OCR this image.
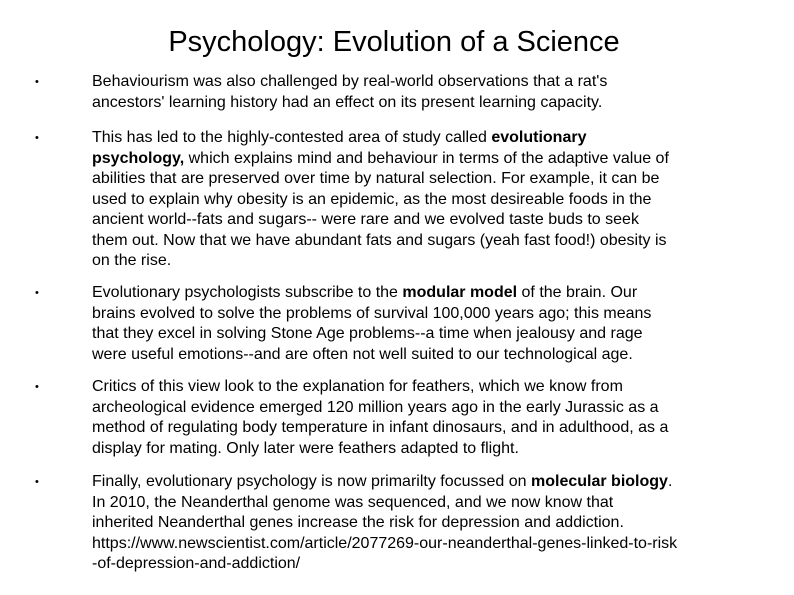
Psychology: Evolution of a Science
•	Behaviourism was also challenged by real-world observations that a rat's
ancestors' learning history had an effect on its present learning capacity.
•	This has led to the highly-contested area of study called evolutionary
psychology, which explains mind and behaviour in terms of the adaptive value of
abilities that are preserved over time by natural selection. For example, it can be
used to explain why obesity is an epidemic, as the most desireable foods in the
ancient world--fats and sugars-- were rare and we evolved taste buds to seek
them out. Now that we have abundant fats and sugars (yeah fast food!) obesity is
on the rise.
•	Evolutionary psychologists subscribe to the modular model of the brain. Our
brains evolved to solve the problems of survival 100,000 years ago; this means
that they excel in solving Stone Age problems--a time when jealousy and rage
were useful emotions--and are often not well suited to our technological age.
•	Critics of this view look to the explanation for feathers, which we know from
archeological evidence emerged 120 million years ago in the early Jurassic as a
method of regulating body temperature in infant dinosaurs, and in adulthood, as a
display for mating. Only later were feathers adapted to flight.
•	Finally, evolutionary psychology is now primarilty focussed on molecular biology.
In 2010, the Neanderthal genome was sequenced, and we now know that
inherited Neanderthal genes increase the risk for depression and addiction.
https://www.newscientist.com/article/2077269-our-neanderthal-genes-linked-to-risk
-of-depression-and-addiction/
